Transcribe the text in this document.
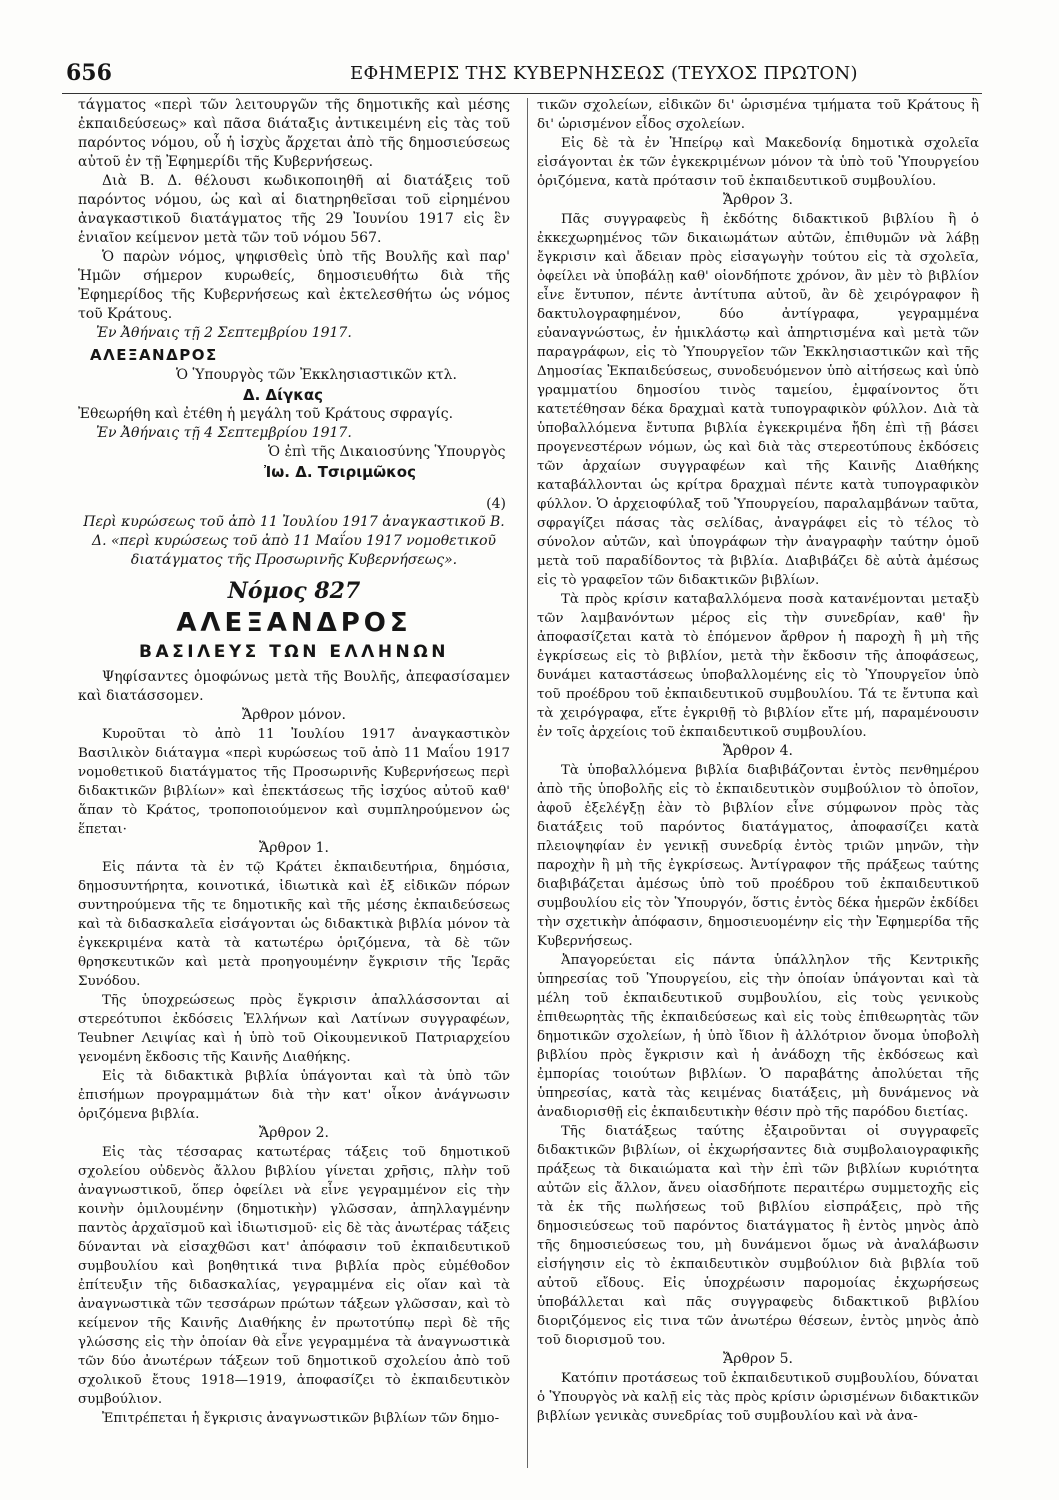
656	ΕΦΗΜΕΡΙΣ ΤΗΣ ΚΥΒΕΡΝΗΣΕΩΣ (ΤΕΥΧΟΣ ΠΡΩΤΟΝ)

τάγματος «περὶ τῶν λειτουργῶν τῆς δημοτικῆς καὶ μέσης ἐκπαιδεύσεως» καὶ πᾶσα διάταξις ἀντικειμένη εἰς τὰς τοῦ παρόντος νόμου, οὗ ἡ ἰσχὺς ἄρχεται ἀπὸ τῆς δημοσιεύσεως αὐτοῦ ἐν τῇ Ἐφημερίδι τῆς Κυβερνήσεως.

Διὰ Β. Δ. θέλουσι κωδικοποιηθῆ αἱ διατάξεις τοῦ παρόντος νόμου, ὡς καὶ αἱ διατηρηθεῖσαι τοῦ εἰρημένου ἀναγκαστικοῦ διατάγματος τῆς 29 Ἰουνίου 1917 εἰς ἓν ἑνιαῖον κείμενον μετὰ τῶν τοῦ νόμου 567.

Ὁ παρὼν νόμος, ψηφισθεὶς ὑπὸ τῆς Βουλῆς καὶ παρ' Ἡμῶν σήμερον κυρωθείς, δημοσιευθήτω διὰ τῆς Ἐφημερίδος τῆς Κυβερνήσεως καὶ ἐκτελεσθήτω ὡς νόμος τοῦ Κράτους.

Ἐν Ἀθήναις τῇ 2 Σεπτεμβρίου 1917.
ΑΛΕΞΑΝΔΡΟΣ
Ὁ Ὑπουργὸς τῶν Ἐκκλησιαστικῶν κτλ.
Δ. Δίγκας
Ἐθεωρήθη καὶ ἐτέθη ἡ μεγάλη τοῦ Κράτους σφραγίς.
Ἐν Ἀθήναις τῇ 4 Σεπτεμβρίου 1917.
Ὁ ἐπὶ τῆς Δικαιοσύνης Ὑπουργὸς
Ἰω. Δ. Τσιριμῶκος
(4)
Περὶ κυρώσεως τοῦ ἀπὸ 11 Ἰουλίου 1917 ἀναγκαστικοῦ Β. Δ. «περὶ κυρώσεως τοῦ ἀπὸ 11 Μαΐου 1917 νομοθετικοῦ διατάγματος τῆς Προσωρινῆς Κυβερνήσεως».
Νόμος 827
ΑΛΕΞΑΝΔΡΟΣ
ΒΑΣΙΛΕΥΣ ΤΩΝ ΕΛΛΗΝΩΝ

Ψηφίσαντες ὁμοφώνως μετὰ τῆς Βουλῆς, ἀπεφασίσαμεν καὶ διατάσσομεν.

Ἄρθρον μόνον.

Κυροῦται τὸ ἀπὸ 11 Ἰουλίου 1917 ἀναγκαστικὸν Βασιλικὸν διάταγμα «περὶ κυρώσεως τοῦ ἀπὸ 11 Μαΐου 1917 νομοθετικοῦ διατάγματος τῆς Προσωρινῆς Κυβερνήσεως περὶ διδακτικῶν βιβλίων» καὶ ἐπεκτάσεως τῆς ἰσχύος αὐτοῦ καθ' ἅπαν τὸ Κράτος, τροποποιούμενον καὶ συμπληρούμενον ὡς ἕπεται·

Ἄρθρον 1.

Εἰς πάντα τὰ ἐν τῷ Κράτει ἐκπαιδευτήρια, δημόσια, δημοσυντήρητα, κοινοτικά, ἰδιωτικὰ καὶ ἐξ εἰδικῶν πόρων συντηρούμενα τῆς τε δημοτικῆς καὶ τῆς μέσης ἐκπαιδεύσεως καὶ τὰ διδασκαλεῖα εἰσάγονται ὡς διδακτικὰ βιβλία μόνον τὰ ἐγκεκριμένα κατὰ τὰ κατωτέρω ὁριζόμενα, τὰ δὲ τῶν θρησκευτικῶν καὶ μετὰ προηγουμένην ἔγκρισιν τῆς Ἱερᾶς Συνόδου.

Τῆς ὑποχρεώσεως πρὸς ἔγκρισιν ἀπαλλάσσονται αἱ στερεότυποι ἐκδόσεις Ἑλλήνων καὶ Λατίνων συγγραφέων, Teubner Λειψίας καὶ ἡ ὑπὸ τοῦ Οἰκουμενικοῦ Πατριαρχείου γενομένη ἔκδοσις τῆς Καινῆς Διαθήκης.

Εἰς τὰ διδακτικὰ βιβλία ὑπάγονται καὶ τὰ ὑπὸ τῶν ἐπισήμων προγραμμάτων διὰ τὴν κατ' οἶκον ἀνάγνωσιν ὁριζόμενα βιβλία.

Ἄρθρον 2.

Εἰς τὰς τέσσαρας κατωτέρας τάξεις τοῦ δημοτικοῦ σχολείου οὐδενὸς ἄλλου βιβλίου γίνεται χρῆσις, πλὴν τοῦ ἀναγνωστικοῦ, ὅπερ ὀφείλει νὰ εἶνε γεγραμμένον εἰς τὴν κοινὴν ὁμιλουμένην (δημοτικὴν) γλῶσσαν, ἀπηλλαγμένην παντὸς ἀρχαϊσμοῦ καὶ ἰδιωτισμοῦ· εἰς δὲ τὰς ἀνωτέρας τάξεις δύνανται νὰ εἰσαχθῶσι κατ' ἀπόφασιν τοῦ ἐκπαιδευτικοῦ συμβουλίου καὶ βοηθητικά τινα βιβλία πρὸς εὐμέθοδον ἐπίτευξιν τῆς διδασκαλίας, γεγραμμένα εἰς οἵαν καὶ τὰ ἀναγνωστικὰ τῶν τεσσάρων πρώτων τάξεων γλῶσσαν, καὶ τὸ κείμενον τῆς Καινῆς Διαθήκης ἐν πρωτοτύπῳ περὶ δὲ τῆς γλώσσης εἰς τὴν ὁποίαν θὰ εἶνε γεγραμμένα τὰ ἀναγνωστικὰ τῶν δύο ἀνωτέρων τάξεων τοῦ δημοτικοῦ σχολείου ἀπὸ τοῦ σχολικοῦ ἔτους 1918—1919, ἀποφασίζει τὸ ἐκπαιδευτικὸν συμβούλιον.

Ἐπιτρέπεται ἡ ἔγκρισις ἀναγνωστικῶν βιβλίων τῶν δημο-

τικῶν σχολείων, εἰδικῶν δι' ὡρισμένα τμήματα τοῦ Κράτους ἢ δι' ὡρισμένον εἶδος σχολείων.

Εἰς δὲ τὰ ἐν Ἠπείρῳ καὶ Μακεδονίᾳ δημοτικὰ σχολεῖα εἰσάγονται ἐκ τῶν ἐγκεκριμένων μόνον τὰ ὑπὸ τοῦ Ὑπουργείου ὁριζόμενα, κατὰ πρότασιν τοῦ ἐκπαιδευτικοῦ συμβουλίου.

Ἄρθρον 3.

Πᾶς συγγραφεὺς ἢ ἐκδότης διδακτικοῦ βιβλίου ἢ ὁ ἐκκεχωρημένος τῶν δικαιωμάτων αὐτῶν, ἐπιθυμῶν νὰ λάβῃ ἔγκρισιν καὶ ἄδειαν πρὸς εἰσαγωγὴν τούτου εἰς τὰ σχολεῖα, ὀφείλει νὰ ὑποβάλῃ καθ' οἱονδήποτε χρόνον, ἂν μὲν τὸ βιβλίον εἶνε ἔντυπον, πέντε ἀντίτυπα αὐτοῦ, ἂν δὲ χειρόγραφον ἢ δακτυλογραφημένον, δύο ἀντίγραφα, γεγραμμένα εὐαναγνώστως, ἐν ἡμικλάστῳ καὶ ἀπηρτισμένα καὶ μετὰ τῶν παραγράφων, εἰς τὸ Ὑπουργεῖον τῶν Ἐκκλησιαστικῶν καὶ τῆς Δημοσίας Ἐκπαιδεύσεως, συνοδευόμενον ὑπὸ αἰτήσεως καὶ ὑπὸ γραμματίου δημοσίου τινὸς ταμείου, ἐμφαίνοντος ὅτι κατετέθησαν δέκα δραχμαὶ κατὰ τυπογραφικὸν φύλλον. Διὰ τὰ ὑποβαλλόμενα ἔντυπα βιβλία ἐγκεκριμένα ἤδη ἐπὶ τῇ βάσει προγενεστέρων νόμων, ὡς καὶ διὰ τὰς στερεοτύπους ἐκδόσεις τῶν ἀρχαίων συγγραφέων καὶ τῆς Καινῆς Διαθήκης καταβάλλονται ὡς κρίτρα δραχμαὶ πέντε κατὰ τυπογραφικὸν φύλλον. Ὁ ἀρχειοφύλαξ τοῦ Ὑπουργείου, παραλαμβάνων ταῦτα, σφραγίζει πάσας τὰς σελίδας, ἀναγράφει εἰς τὸ τέλος τὸ σύνολον αὐτῶν, καὶ ὑπογράφων τὴν ἀναγραφὴν ταύτην ὁμοῦ μετὰ τοῦ παραδίδοντος τὰ βιβλία. Διαβιβάζει δὲ αὐτὰ ἀμέσως εἰς τὸ γραφεῖον τῶν διδακτικῶν βιβλίων.

Τὰ πρὸς κρίσιν καταβαλλόμενα ποσὰ κατανέμονται μεταξὺ τῶν λαμβανόντων μέρος εἰς τὴν συνεδρίαν, καθ' ἣν ἀποφασίζεται κατὰ τὸ ἑπόμενον ἄρθρον ἡ παροχὴ ἢ μὴ τῆς ἐγκρίσεως εἰς τὸ βιβλίον, μετὰ τὴν ἔκδοσιν τῆς ἀποφάσεως, δυνάμει καταστάσεως ὑποβαλλομένης εἰς τὸ Ὑπουργεῖον ὑπὸ τοῦ προέδρου τοῦ ἐκπαιδευτικοῦ συμβουλίου. Τά τε ἔντυπα καὶ τὰ χειρόγραφα, εἴτε ἐγκριθῇ τὸ βιβλίον εἴτε μή, παραμένουσιν ἐν τοῖς ἀρχείοις τοῦ ἐκπαιδευτικοῦ συμβουλίου.

Ἄρθρον 4.

Τὰ ὑποβαλλόμενα βιβλία διαβιβάζονται ἐντὸς πενθημέρου ἀπὸ τῆς ὑποβολῆς εἰς τὸ ἐκπαιδευτικὸν συμβούλιον τὸ ὁποῖον, ἀφοῦ ἐξελέγξῃ ἐὰν τὸ βιβλίον εἶνε σύμφωνον πρὸς τὰς διατάξεις τοῦ παρόντος διατάγματος, ἀποφασίζει κατὰ πλειοψηφίαν ἐν γενικῇ συνεδρίᾳ ἐντὸς τριῶν μηνῶν, τὴν παροχὴν ἢ μὴ τῆς ἐγκρίσεως. Ἀντίγραφον τῆς πράξεως ταύτης διαβιβάζεται ἀμέσως ὑπὸ τοῦ προέδρου τοῦ ἐκπαιδευτικοῦ συμβουλίου εἰς τὸν Ὑπουργόν, ὅστις ἐντὸς δέκα ἡμερῶν ἐκδίδει τὴν σχετικὴν ἀπόφασιν, δημοσιευομένην εἰς τὴν Ἐφημερίδα τῆς Κυβερνήσεως.

Ἀπαγορεύεται εἰς πάντα ὑπάλληλον τῆς Κεντρικῆς ὑπηρεσίας τοῦ Ὑπουργείου, εἰς τὴν ὁποίαν ὑπάγονται καὶ τὰ μέλη τοῦ ἐκπαιδευτικοῦ συμβουλίου, εἰς τοὺς γενικοὺς ἐπιθεωρητὰς τῆς ἐκπαιδεύσεως καὶ εἰς τοὺς ἐπιθεωρητὰς τῶν δημοτικῶν σχολείων, ἡ ὑπὸ ἴδιον ἢ ἀλλότριον ὄνομα ὑποβολὴ βιβλίου πρὸς ἔγκρισιν καὶ ἡ ἀνάδοχη τῆς ἐκδόσεως καὶ ἐμπορίας τοιούτων βιβλίων. Ὁ παραβάτης ἀπολύεται τῆς ὑπηρεσίας, κατὰ τὰς κειμένας διατάξεις, μὴ δυνάμενος νὰ ἀναδιορισθῇ εἰς ἐκπαιδευτικὴν θέσιν πρὸ τῆς παρόδου διετίας.

Τῆς διατάξεως ταύτης ἐξαιροῦνται οἱ συγγραφεῖς διδακτικῶν βιβλίων, οἱ ἐκχωρήσαντες διὰ συμβολαιογραφικῆς πράξεως τὰ δικαιώματα καὶ τὴν ἐπὶ τῶν βιβλίων κυριότητα αὐτῶν εἰς ἄλλον, ἄνευ οἱασδήποτε περαιτέρω συμμετοχῆς εἰς τὰ ἐκ τῆς πωλήσεως τοῦ βιβλίου εἰσπράξεις, πρὸ τῆς δημοσιεύσεως τοῦ παρόντος διατάγματος ἢ ἐντὸς μηνὸς ἀπὸ τῆς δημοσιεύσεως του, μὴ δυνάμενοι ὅμως νὰ ἀναλάβωσιν εἰσήγησιν εἰς τὸ ἐκπαιδευτικὸν συμβούλιον διὰ βιβλία τοῦ αὐτοῦ εἴδους. Εἰς ὑποχρέωσιν παρομοίας ἐκχωρήσεως ὑποβάλλεται καὶ πᾶς συγγραφεὺς διδακτικοῦ βιβλίου διοριζόμενος εἰς τινα τῶν ἀνωτέρω θέσεων, ἐντὸς μηνὸς ἀπὸ τοῦ διορισμοῦ του.

Ἄρθρον 5.

Κατόπιν προτάσεως τοῦ ἐκπαιδευτικοῦ συμβουλίου, δύναται ὁ Ὑπουργὸς νὰ καλῇ εἰς τὰς πρὸς κρίσιν ὡρισμένων διδακτικῶν βιβλίων γενικὰς συνεδρίας τοῦ συμβουλίου καὶ νὰ ἀνα-
